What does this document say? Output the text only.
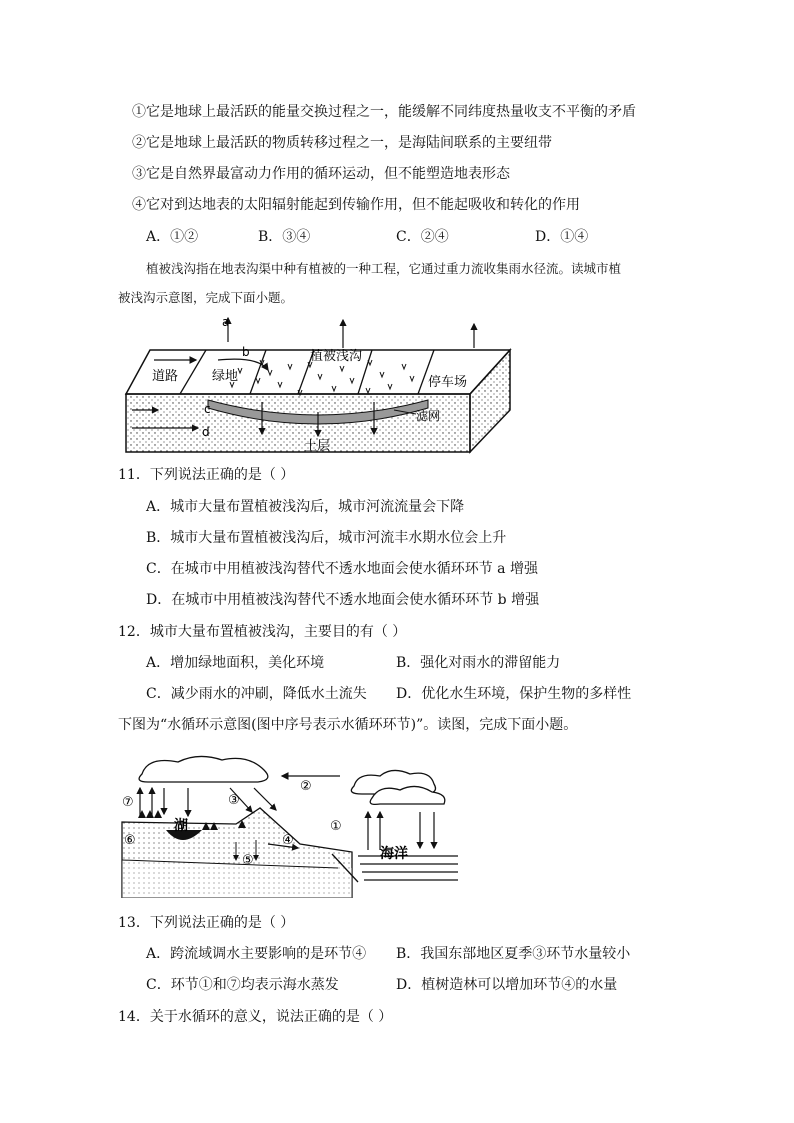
①它是地球上最活跃的能量交换过程之一，能缓解不同纬度热量收支不平衡的矛盾
②它是地球上最活跃的物质转移过程之一，是海陆间联系的主要纽带
③它是自然界最富动力作用的循环运动，但不能塑造地表形态
④它对到达地表的太阳辐射能起到传输作用，但不能起吸收和转化的作用
A．①②	B．③④	C．②④	D．①④
植被浅沟指在地表沟渠中种有植被的一种工程，它通过重力流收集雨水径流。读城市植
被浅沟示意图，完成下面小题。
a
b
c
d
道路	绿地
植被浅沟
停车场
滤网
土层
11．下列说法正确的是（ ）
A．城市大量布置植被浅沟后，城市河流流量会下降
B．城市大量布置植被浅沟后，城市河流丰水期水位会上升
C．在城市中用植被浅沟替代不透水地面会使水循环环节 a 增强
D．在城市中用植被浅沟替代不透水地面会使水循环环节 b 增强
12．城市大量布置植被浅沟，主要目的有（ ）
A．增加绿地面积，美化环境	B．强化对雨水的滞留能力
C．减少雨水的冲刷，降低水土流失 D．优化水生环境，保护生物的多样性
下图为“水循环示意图(图中序号表示水循环环节)”。读图，完成下面小题。
⑦
②
③
④
①
⑥
⑤
湖
海洋
13．下列说法正确的是（ ）
A．跨流域调水主要影响的是环节④ B．我国东部地区夏季③环节水量较小
C．环节①和⑦均表示海水蒸发	D．植树造林可以增加环节④的水量
14．关于水循环的意义，说法正确的是（ ）
